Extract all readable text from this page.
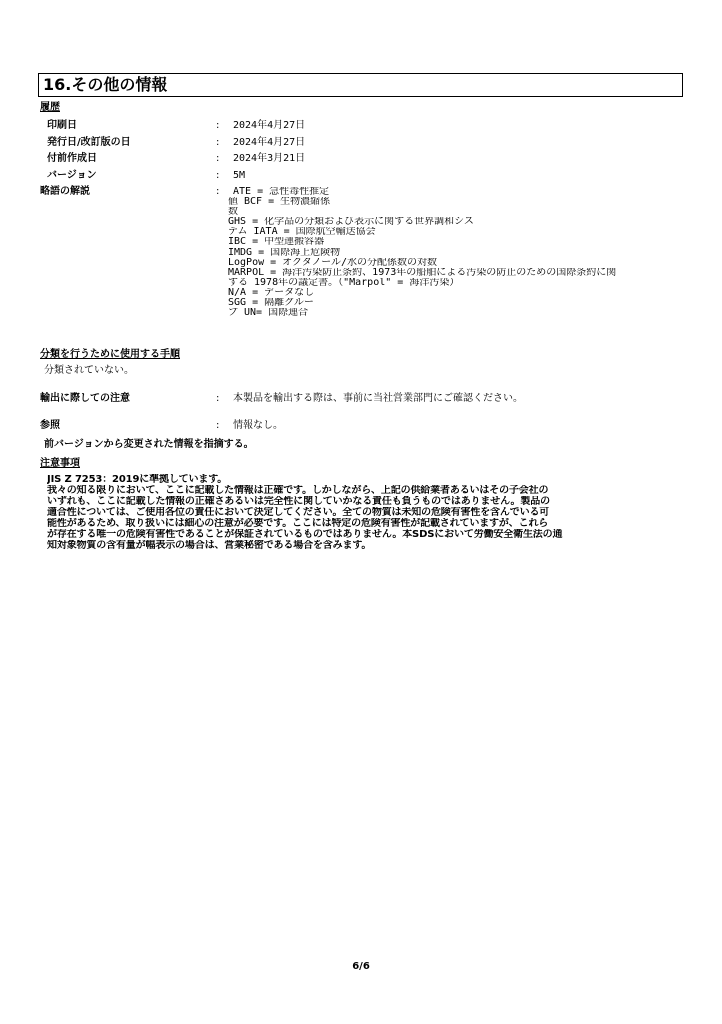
16.その他の情報
履歴
印刷日	: 2024年4月27日
発行日/改訂版の日	: 2024年4月27日
付前作成日	: 2024年3月21日
バージョン	: 5M
略語の解説	:	ATE = 急性毒性推定
値 BCF = 生物濃縮係
数
GHS = 化学品の分類および表示に関する世界調和シス
テム IATA = 国際航空輸送協会
IBC = 中型運搬容器
IMDG = 国際海上危険物
LogPow = オクタノール/水の分配係数の対数
MARPOL = 海洋汚染防止条約、1973年の船舶による汚染の防止のための国際条約に関
する 1978年の議定書。（"Marpol" = 海洋汚染）
N/A = データなし
SGG = 隔離グルー
プ UN= 国際連合
分類を行うために使用する手順
分類されていない。
輸出に際しての注意	: 本製品を輸出する際は、事前に当社営業部門にご確認ください。
参照	: 情報なし。
前バージョンから変更された情報を指摘する。
注意事項
JIS Z 7253：2019に準拠しています。
我々の知る限りにおいて、ここに記載した情報は正確です。しかしながら、上記の供給業者あるいはその子会社の
いずれも、ここに記載した情報の正確さあるいは完全性に関していかなる責任も負うものではありません。製品の
適合性については、ご使用各位の責任において決定してください。全ての物質は未知の危険有害性を含んでいる可
能性があるため、取り扱いには細心の注意が必要です。ここには特定の危険有害性が記載されていますが、これら
が存在する唯一の危険有害性であることが保証されているものではありません。本SDSにおいて労働安全衛生法の通
知対象物質の含有量が幅表示の場合は、営業秘密である場合を含みます。
6/6
